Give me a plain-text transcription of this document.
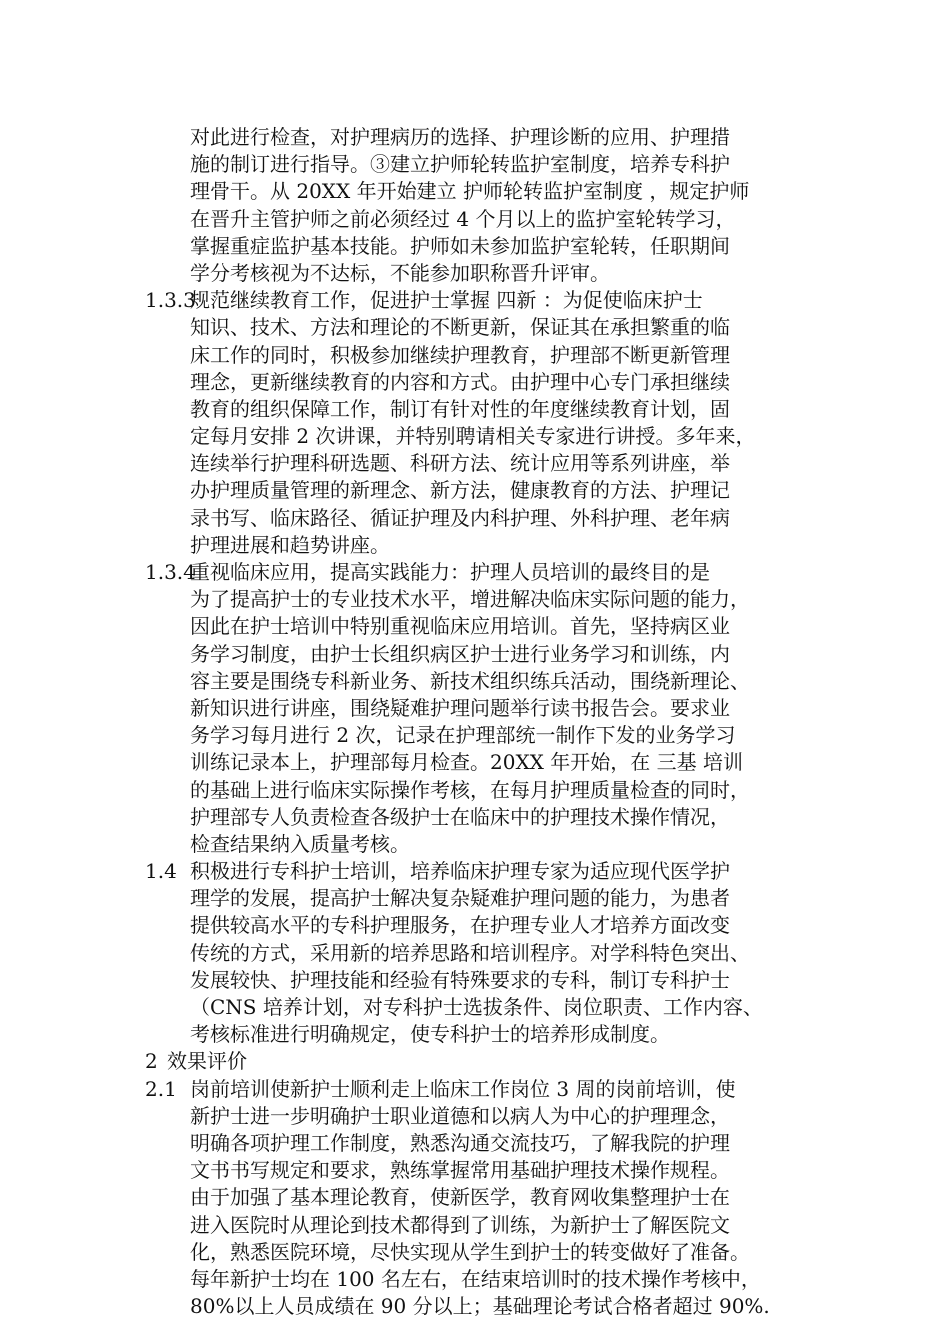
对此进行检查，对护理病历的选择、护理诊断的应用、护理措
施的制订进行指导。③建立护师轮转监护室制度，培养专科护
理骨干。从 20XX 年开始建立 护师轮转监护室制度 ，规定护师
在晋升主管护师之前必须经过 4 个月以上的监护室轮转学习，
掌握重症监护基本技能。护师如未参加监护室轮转，任职期间
学分考核视为不达标，不能参加职称晋升评审。
1.3.3
规范继续教育工作，促进护士掌握 四新 ：为促使临床护士
知识、技术、方法和理论的不断更新，保证其在承担繁重的临
床工作的同时，积极参加继续护理教育，护理部不断更新管理
理念，更新继续教育的内容和方式。由护理中心专门承担继续
教育的组织保障工作，制订有针对性的年度继续教育计划，固
定每月安排 2 次讲课，并特别聘请相关专家进行讲授。多年来，
连续举行护理科研选题、科研方法、统计应用等系列讲座，举
办护理质量管理的新理念、新方法，健康教育的方法、护理记
录书写、临床路径、循证护理及内科护理、外科护理、老年病
护理进展和趋势讲座。
1.3.4
重视临床应用，提高实践能力：护理人员培训的最终目的是
为了提高护士的专业技术水平，增进解决临床实际问题的能力，
因此在护士培训中特别重视临床应用培训。首先，坚持病区业
务学习制度，由护士长组织病区护士进行业务学习和训练，内
容主要是围绕专科新业务、新技术组织练兵活动，围绕新理论、
新知识进行讲座，围绕疑难护理问题举行读书报告会。要求业
务学习每月进行 2 次，记录在护理部统一制作下发的业务学习
训练记录本上，护理部每月检查。20XX 年开始，在 三基 培训
的基础上进行临床实际操作考核，在每月护理质量检查的同时，
护理部专人负责检查各级护士在临床中的护理技术操作情况，
检查结果纳入质量考核。
1.4 积极进行专科护士培训，培养临床护理专家为适应现代医学护
理学的发展，提高护士解决复杂疑难护理问题的能力，为患者
提供较高水平的专科护理服务，在护理专业人才培养方面改变
传统的方式，采用新的培养思路和培训程序。对学科特色突出、
发展较快、护理技能和经验有特殊要求的专科，制订专科护士
（CNS 培养计划，对专科护士选拔条件、岗位职责、工作内容、
考核标准进行明确规定，使专科护士的培养形成制度。
2 效果评价
2.1 岗前培训使新护士顺利走上临床工作岗位 3 周的岗前培训，使
新护士进一步明确护士职业道德和以病人为中心的护理理念，
明确各项护理工作制度，熟悉沟通交流技巧，了解我院的护理
文书书写规定和要求，熟练掌握常用基础护理技术操作规程。
由于加强了基本理论教育，使新医学，教育网收集整理护士在
进入医院时从理论到技术都得到了训练，为新护士了解医院文
化，熟悉医院环境，尽快实现从学生到护士的转变做好了准备。
每年新护士均在 100 名左右，在结束培训时的技术操作考核中，
80%以上人员成绩在 90 分以上；基础理论考试合格者超过 90%.
